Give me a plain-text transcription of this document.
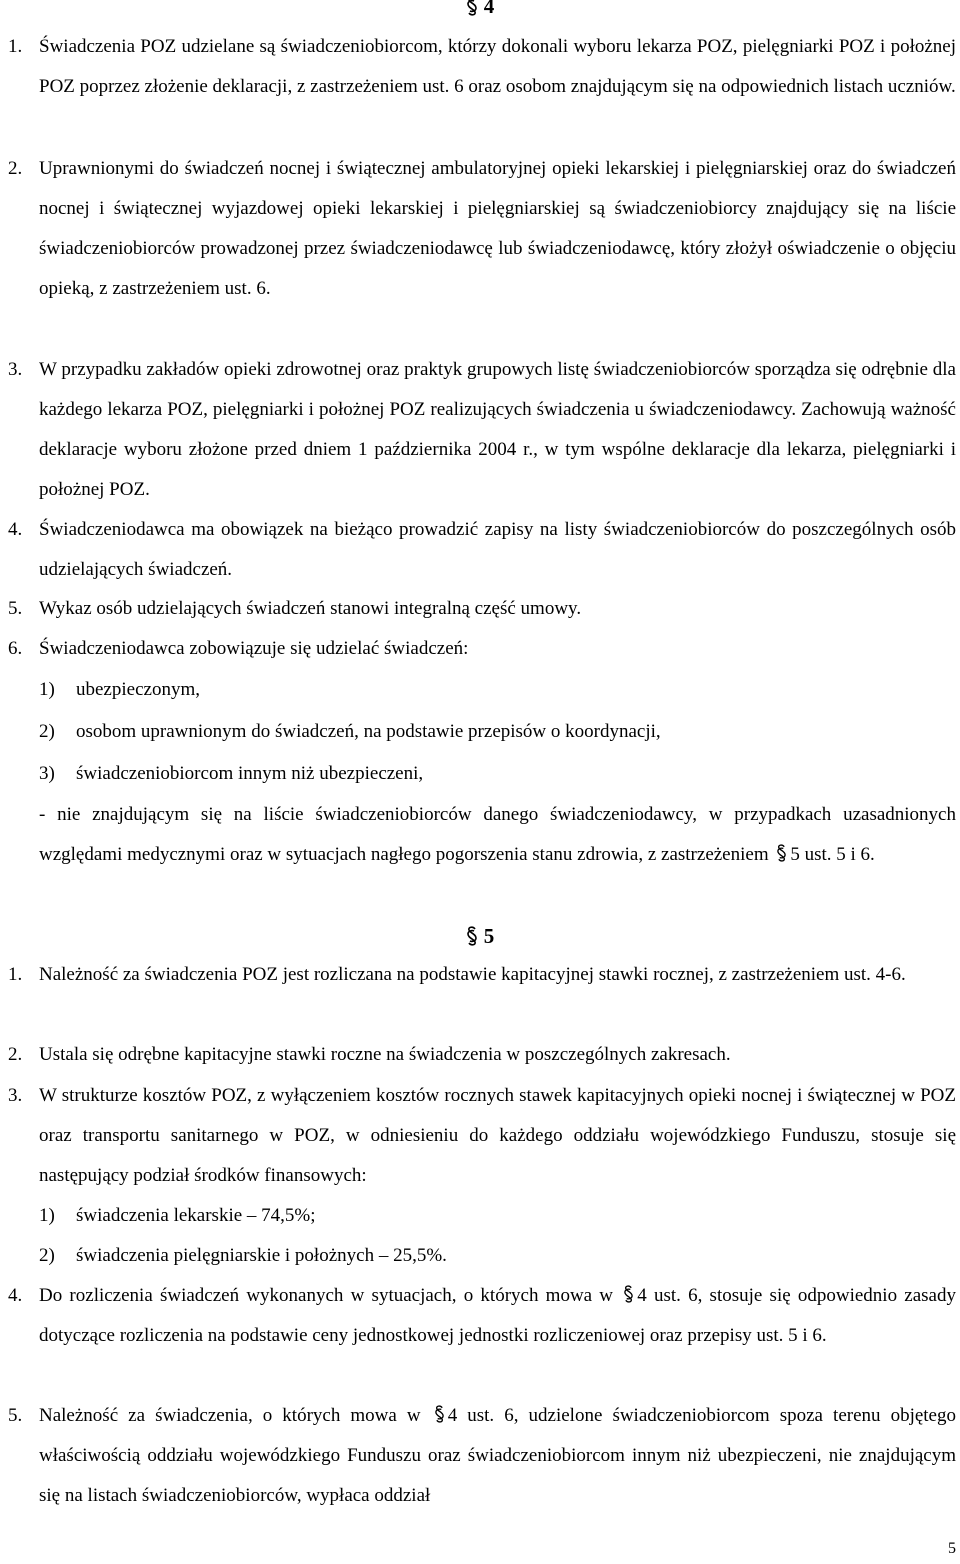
4
1. Świadczenia POZ udzielane są świadczeniobiorcom, którzy dokonali wyboru lekarza POZ, pielęgniarki POZ i położnej POZ poprzez złożenie deklaracji, z zastrzeżeniem ust. 6 oraz osobom znajdującym się na odpowiednich listach uczniów.
2. Uprawnionymi do świadczeń nocnej i świątecznej ambulatoryjnej opieki lekarskiej i pielęgniarskiej oraz do świadczeń nocnej i świątecznej wyjazdowej opieki lekarskiej i pielęgniarskiej są świadczeniobiorcy znajdujący się na liście świadczeniobiorców prowadzonej przez świadczeniodawcę lub świadczeniodawcę, który złożył oświadczenie o objęciu opieką, z zastrzeżeniem ust. 6.
3. W przypadku zakładów opieki zdrowotnej oraz praktyk grupowych listę świadczeniobiorców sporządza się odrębnie dla każdego lekarza POZ, pielęgniarki i położnej POZ realizujących świadczenia u świadczeniodawcy. Zachowują ważność deklaracje wyboru złożone przed dniem 1 października 2004 r., w tym wspólne deklaracje dla lekarza, pielęgniarki i położnej POZ.
4. Świadczeniodawca ma obowiązek na bieżąco prowadzić zapisy na listy świadczeniobiorców do poszczególnych osób udzielających świadczeń.
5. Wykaz osób udzielających świadczeń stanowi integralną część umowy.
6. Świadczeniodawca zobowiązuje się udzielać świadczeń:
1) ubezpieczonym,
2) osobom uprawnionym do świadczeń, na podstawie przepisów o koordynacji,
3) świadczeniobiorcom innym niż ubezpieczeni,
- nie znajdującym się na liście świadczeniobiorców danego świadczeniodawcy, w przypadkach uzasadnionych względami medycznymi oraz w sytuacjach nagłego pogorszenia stanu zdrowia, z zastrzeżeniem 5 ust. 5 i 6.
5
1. Należność za świadczenia POZ jest rozliczana na podstawie kapitacyjnej stawki rocznej, z zastrzeżeniem ust. 4-6.
2. Ustala się odrębne kapitacyjne stawki roczne na świadczenia w poszczególnych zakresach.
3. W strukturze kosztów POZ, z wyłączeniem kosztów rocznych stawek kapitacyjnych opieki nocnej i świątecznej w POZ oraz transportu sanitarnego w POZ, w odniesieniu do każdego oddziału wojewódzkiego Funduszu, stosuje się następujący podział środków finansowych:
1) świadczenia lekarskie – 74,5%;
2) świadczenia pielęgniarskie i położnych – 25,5%.
4. Do rozliczenia świadczeń wykonanych w sytuacjach, o których mowa w 4 ust. 6, stosuje się odpowiednio zasady dotyczące rozliczenia na podstawie ceny jednostkowej jednostki rozliczeniowej oraz przepisy ust. 5 i 6.
5. Należność za świadczenia, o których mowa w 4 ust. 6, udzielone świadczeniobiorcom spoza terenu objętego właściwością oddziału wojewódzkiego Funduszu oraz świadczeniobiorcom innym niż ubezpieczeni, nie znajdującym się na listach świadczeniobiorców, wypłaca oddział
5
